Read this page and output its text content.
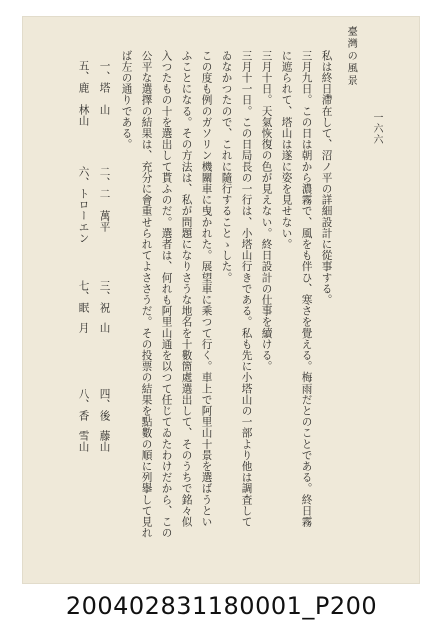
一六六
臺灣の風景
私は終日滯在して、沼ノ平の詳細設計に從事する。
三月九日。この日は朝から濃霧で、風をも伴ひ、寒さを覺える。梅雨だとのことである。終日霧
に遮られて、塔山は遂に姿を見せない。
三月十日。天氣恢復の色が見えない。終日設計の仕事を續ける。
三月十一日。この日局長の一行は、小塔山行きである。私も先に小塔山の一部より他は調査して
ゐなかつたので、これに隨行することゝした。
この度も例のガソリン機關車に曳かれた。展望車に乘つて行く。車上で阿里山十景を選ばうとい
ふことになる。その方法は、私が問題になりさうな地名を十數箇處選出して、そのうちで銘々似
入つたもの十を選出して貰ふのだ。選者は、何れも阿里山通を以つて任じてゐたわけだから、この
公平な選擇の結果は、充分に會重せられてよささうだ。その投票の結果を點數の順に列擧して見れ
ば左の通りである。
一、塔
山
二、二
萬平
三、祝
山
四、後
藤山
五、鹿
林山
六、トローエン
七、眠
月
八、香
雪山
200402831180001_P200
